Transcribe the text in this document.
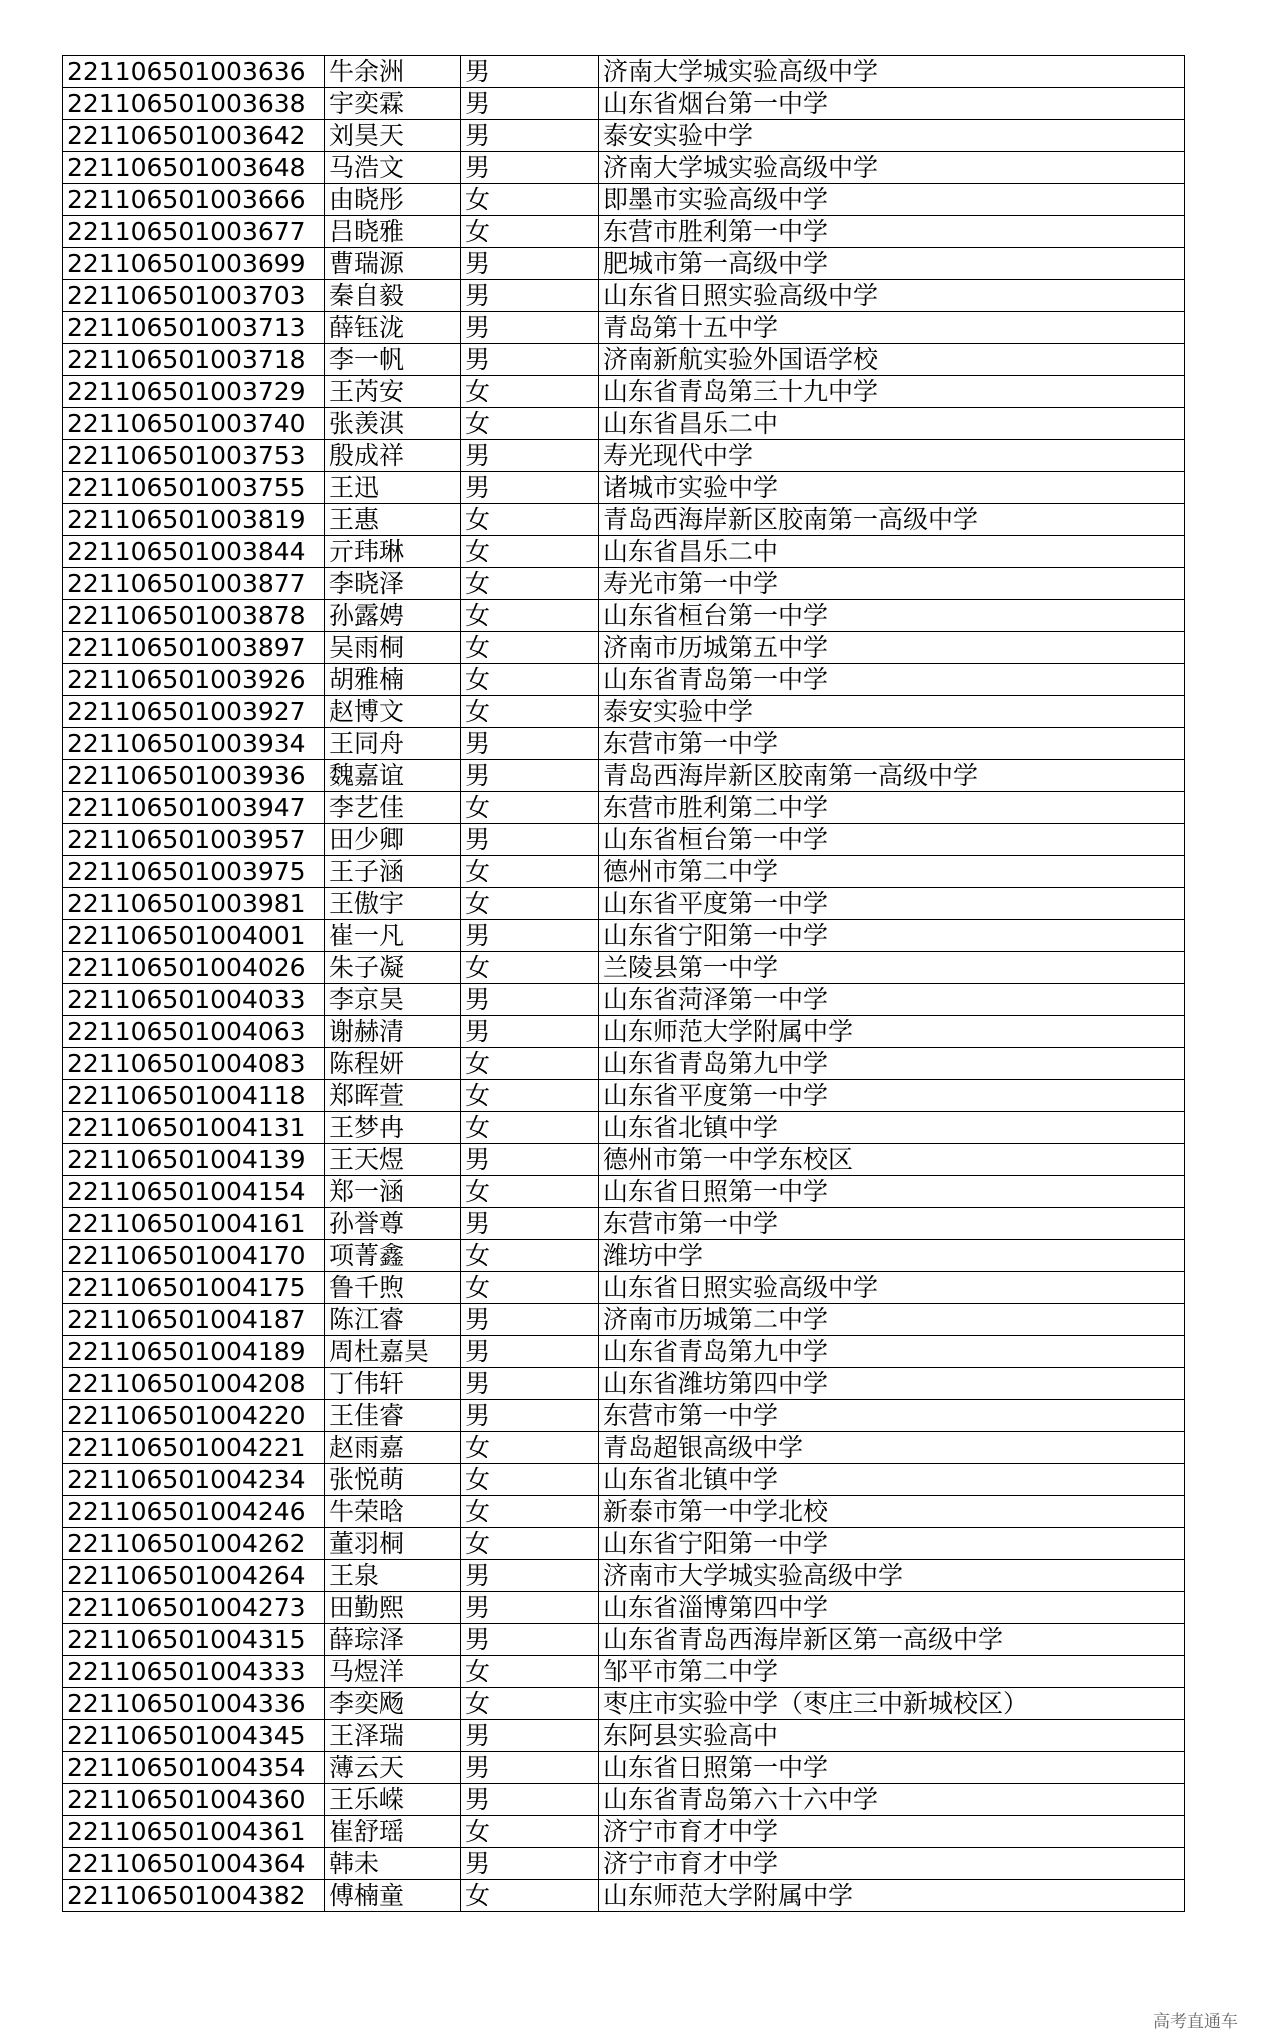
221106501003636	牛余洲	男	济南大学城实验高级中学
221106501003638	宇奕霖	男	山东省烟台第一中学
221106501003642	刘昊天	男	泰安实验中学
221106501003648	马浩文	男	济南大学城实验高级中学
221106501003666	由晓彤	女	即墨市实验高级中学
221106501003677	吕晓雅	女	东营市胜利第一中学
221106501003699	曹瑞源	男	肥城市第一高级中学
221106501003703	秦自毅	男	山东省日照实验高级中学
221106501003713	薛钰泷	男	青岛第十五中学
221106501003718	李一帆	男	济南新航实验外国语学校
221106501003729	王芮安	女	山东省青岛第三十九中学
221106501003740	张羡淇	女	山东省昌乐二中
221106501003753	殷成祥	男	寿光现代中学
221106501003755	王迅	男	诸城市实验中学
221106501003819	王惠	女	青岛西海岸新区胶南第一高级中学
221106501003844	亓玮琳	女	山东省昌乐二中
221106501003877	李晓泽	女	寿光市第一中学
221106501003878	孙露娉	女	山东省桓台第一中学
221106501003897	吴雨桐	女	济南市历城第五中学
221106501003926	胡雅楠	女	山东省青岛第一中学
221106501003927	赵博文	女	泰安实验中学
221106501003934	王同舟	男	东营市第一中学
221106501003936	魏嘉谊	男	青岛西海岸新区胶南第一高级中学
221106501003947	李艺佳	女	东营市胜利第二中学
221106501003957	田少卿	男	山东省桓台第一中学
221106501003975	王子涵	女	德州市第二中学
221106501003981	王傲宇	女	山东省平度第一中学
221106501004001	崔一凡	男	山东省宁阳第一中学
221106501004026	朱子凝	女	兰陵县第一中学
221106501004033	李京昊	男	山东省菏泽第一中学
221106501004063	谢赫清	男	山东师范大学附属中学
221106501004083	陈程妍	女	山东省青岛第九中学
221106501004118	郑晖萱	女	山东省平度第一中学
221106501004131	王梦冉	女	山东省北镇中学
221106501004139	王天煜	男	德州市第一中学东校区
221106501004154	郑一涵	女	山东省日照第一中学
221106501004161	孙誉尊	男	东营市第一中学
221106501004170	项菁鑫	女	潍坊中学
221106501004175	鲁千煦	女	山东省日照实验高级中学
221106501004187	陈江睿	男	济南市历城第二中学
221106501004189	周杜嘉昊	男	山东省青岛第九中学
221106501004208	丁伟轩	男	山东省潍坊第四中学
221106501004220	王佳睿	男	东营市第一中学
221106501004221	赵雨嘉	女	青岛超银高级中学
221106501004234	张悦萌	女	山东省北镇中学
221106501004246	牛荣晗	女	新泰市第一中学北校
221106501004262	董羽桐	女	山东省宁阳第一中学
221106501004264	王泉	男	济南市大学城实验高级中学
221106501004273	田勤熙	男	山东省淄博第四中学
221106501004315	薛琮泽	男	山东省青岛西海岸新区第一高级中学
221106501004333	马煜洋	女	邹平市第二中学
221106501004336	李奕飏	女	枣庄市实验中学（枣庄三中新城校区）
221106501004345	王泽瑞	男	东阿县实验高中
221106501004354	薄云天	男	山东省日照第一中学
221106501004360	王乐嵘	男	山东省青岛第六十六中学
221106501004361	崔舒瑶	女	济宁市育才中学
221106501004364	韩未	男	济宁市育才中学
221106501004382	傅楠童	女	山东师范大学附属中学
高考直通车
